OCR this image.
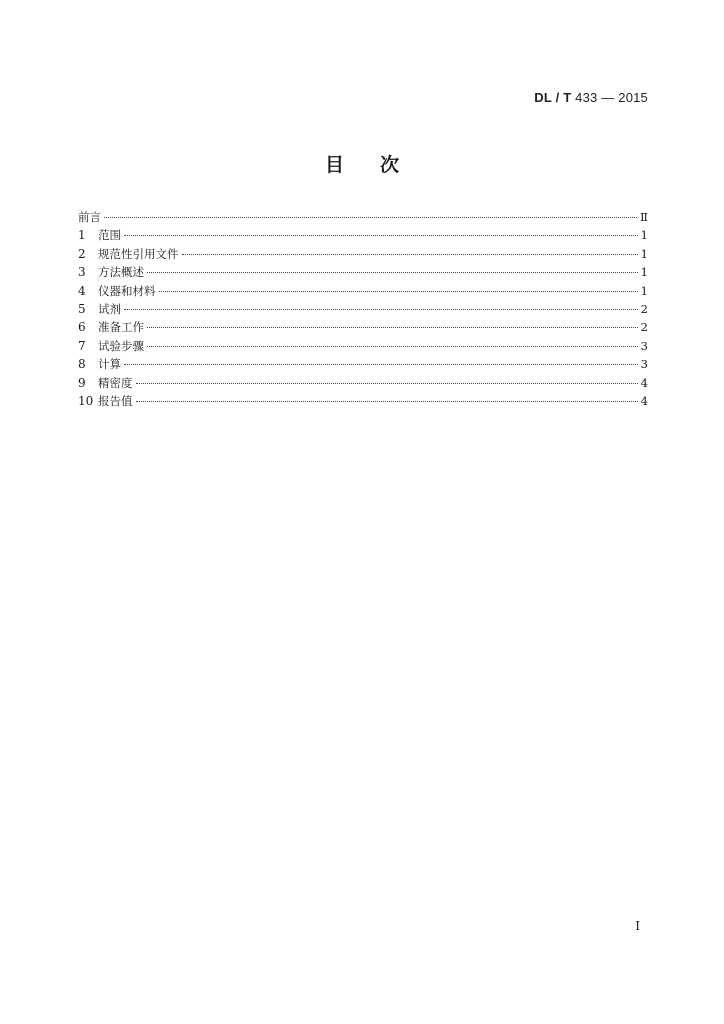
DL / T 433 — 2015
目次
前言	Ⅱ
1	范围	1
2	规范性引用文件	1
3	方法概述	1
4	仪器和材料	1
5	试剂	2
6	准备工作	2
7	试验步骤	3
8	计算	3
9	精密度	4
10 报告值	4
I
